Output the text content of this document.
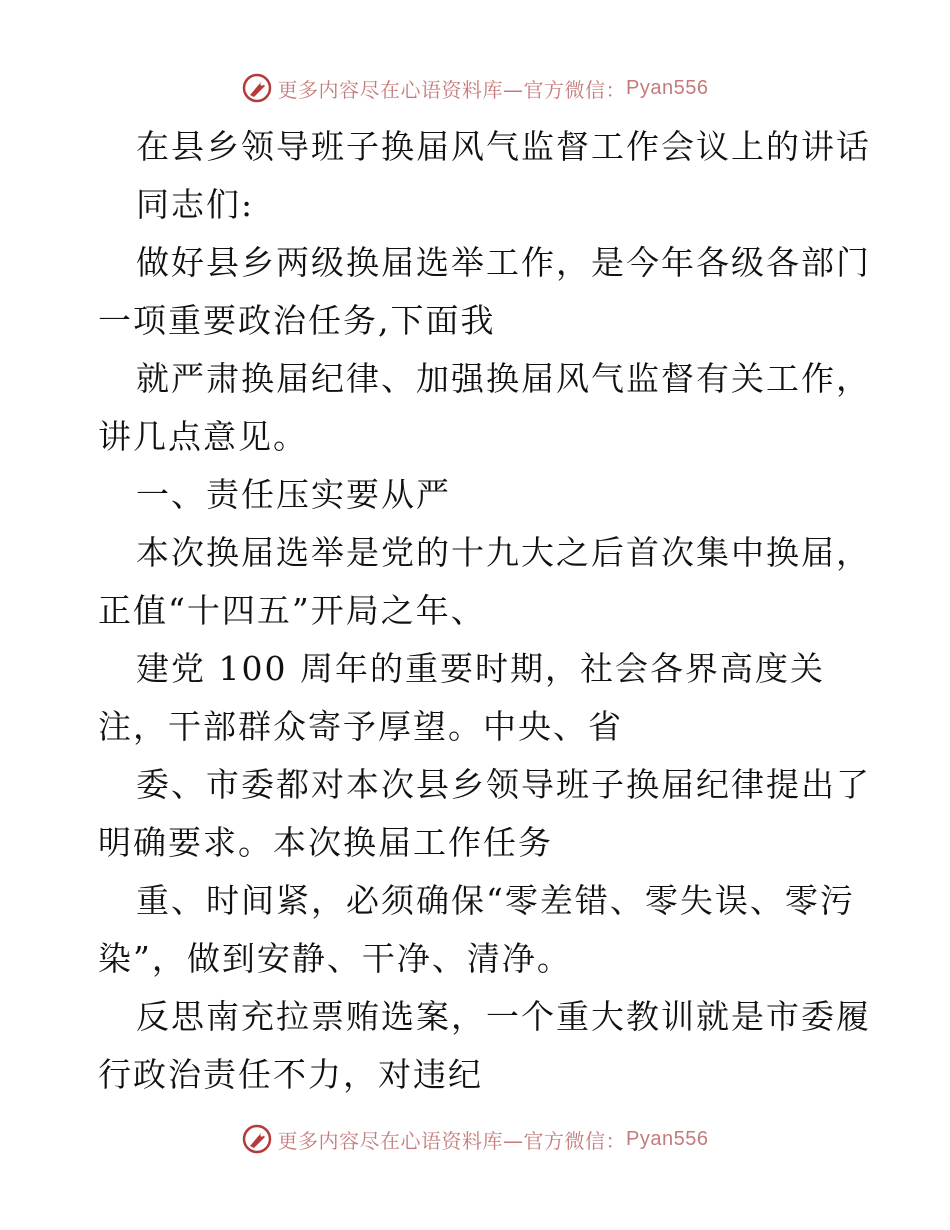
更多内容尽在心语资料库—官方微信： Pyan556
在县乡领导班子换届风气监督工作会议上的讲话
同志们:
做好县乡两级换届选举工作，是今年各级各部门
一项重要政治任务,下面我
就严肃换届纪律、加强换届风气监督有关工作，
讲几点意见。
一、责任压实要从严
本次换届选举是党的十九大之后首次集中换届，
正值“十四五”开局之年、
建党 100 周年的重要时期，社会各界高度关
注，干部群众寄予厚望。中央、省
委、市委都对本次县乡领导班子换届纪律提出了
明确要求。本次换届工作任务
重、时间紧，必须确保“零差错、零失误、零污
染”，做到安静、干净、清净。
反思南充拉票贿选案，一个重大教训就是市委履
行政治责任不力，对违纪
更多内容尽在心语资料库—官方微信： Pyan556
